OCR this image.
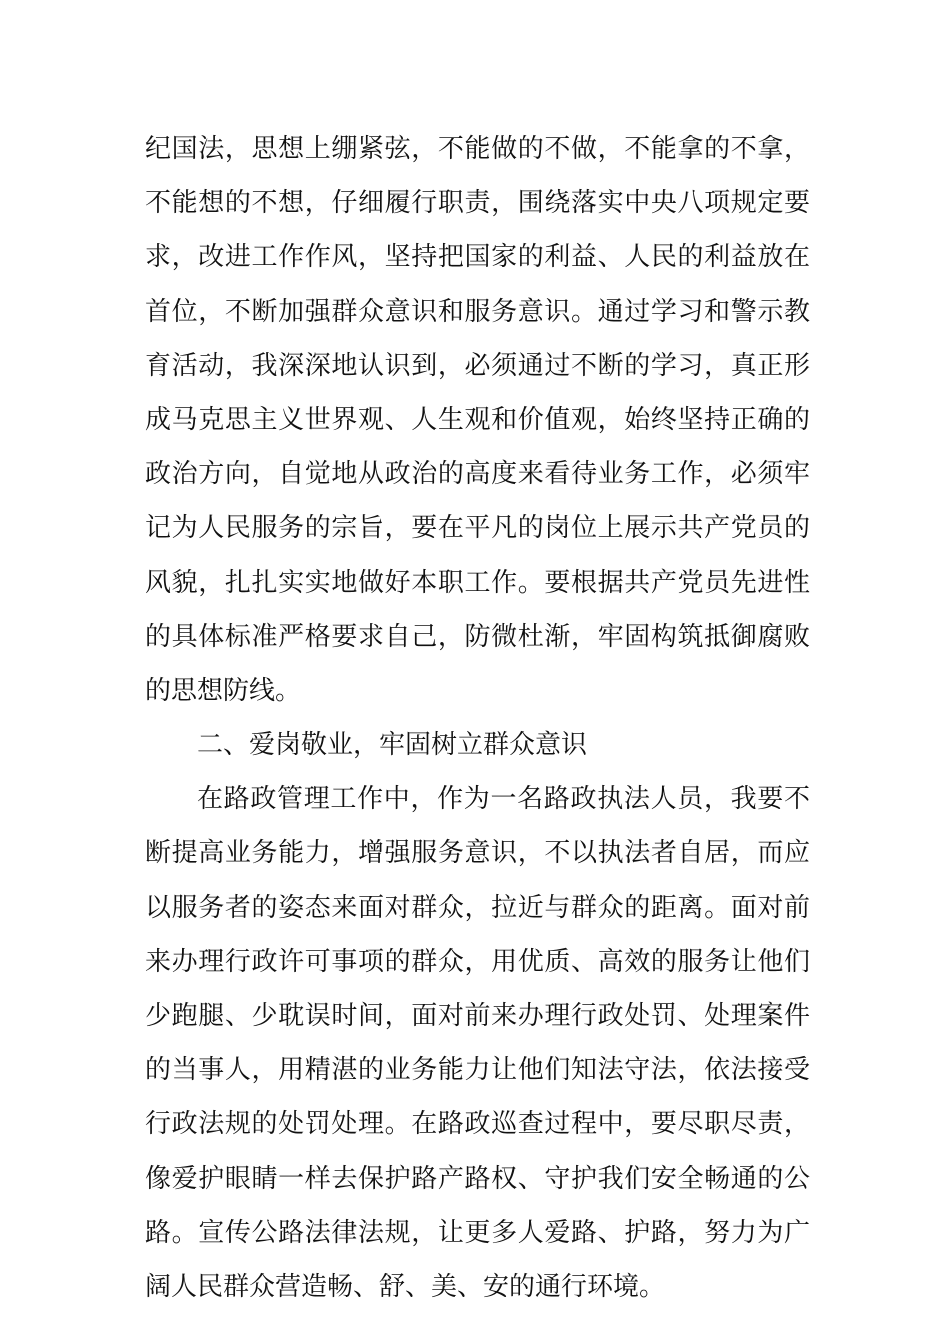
纪国法，思想上绷紧弦，不能做的不做，不能拿的不拿，
不能想的不想，仔细履行职责，围绕落实中央八项规定要
求，改进工作作风，坚持把国家的利益、人民的利益放在
首位，不断加强群众意识和服务意识。通过学习和警示教
育活动，我深深地认识到，必须通过不断的学习，真正形
成马克思主义世界观、人生观和价值观，始终坚持正确的
政治方向，自觉地从政治的高度来看待业务工作，必须牢
记为人民服务的宗旨，要在平凡的岗位上展示共产党员的
风貌，扎扎实实地做好本职工作。要根据共产党员先进性
的具体标准严格要求自己，防微杜渐，牢固构筑抵御腐败
的思想防线。
二、爱岗敬业，牢固树立群众意识
在路政管理工作中，作为一名路政执法人员，我要不
断提高业务能力，增强服务意识，不以执法者自居，而应
以服务者的姿态来面对群众，拉近与群众的距离。面对前
来办理行政许可事项的群众，用优质、高效的服务让他们
少跑腿、少耽误时间，面对前来办理行政处罚、处理案件
的当事人，用精湛的业务能力让他们知法守法，依法接受
行政法规的处罚处理。在路政巡查过程中，要尽职尽责，
像爱护眼睛一样去保护路产路权、守护我们安全畅通的公
路。宣传公路法律法规，让更多人爱路、护路，努力为广
阔人民群众营造畅、舒、美、安的通行环境。
